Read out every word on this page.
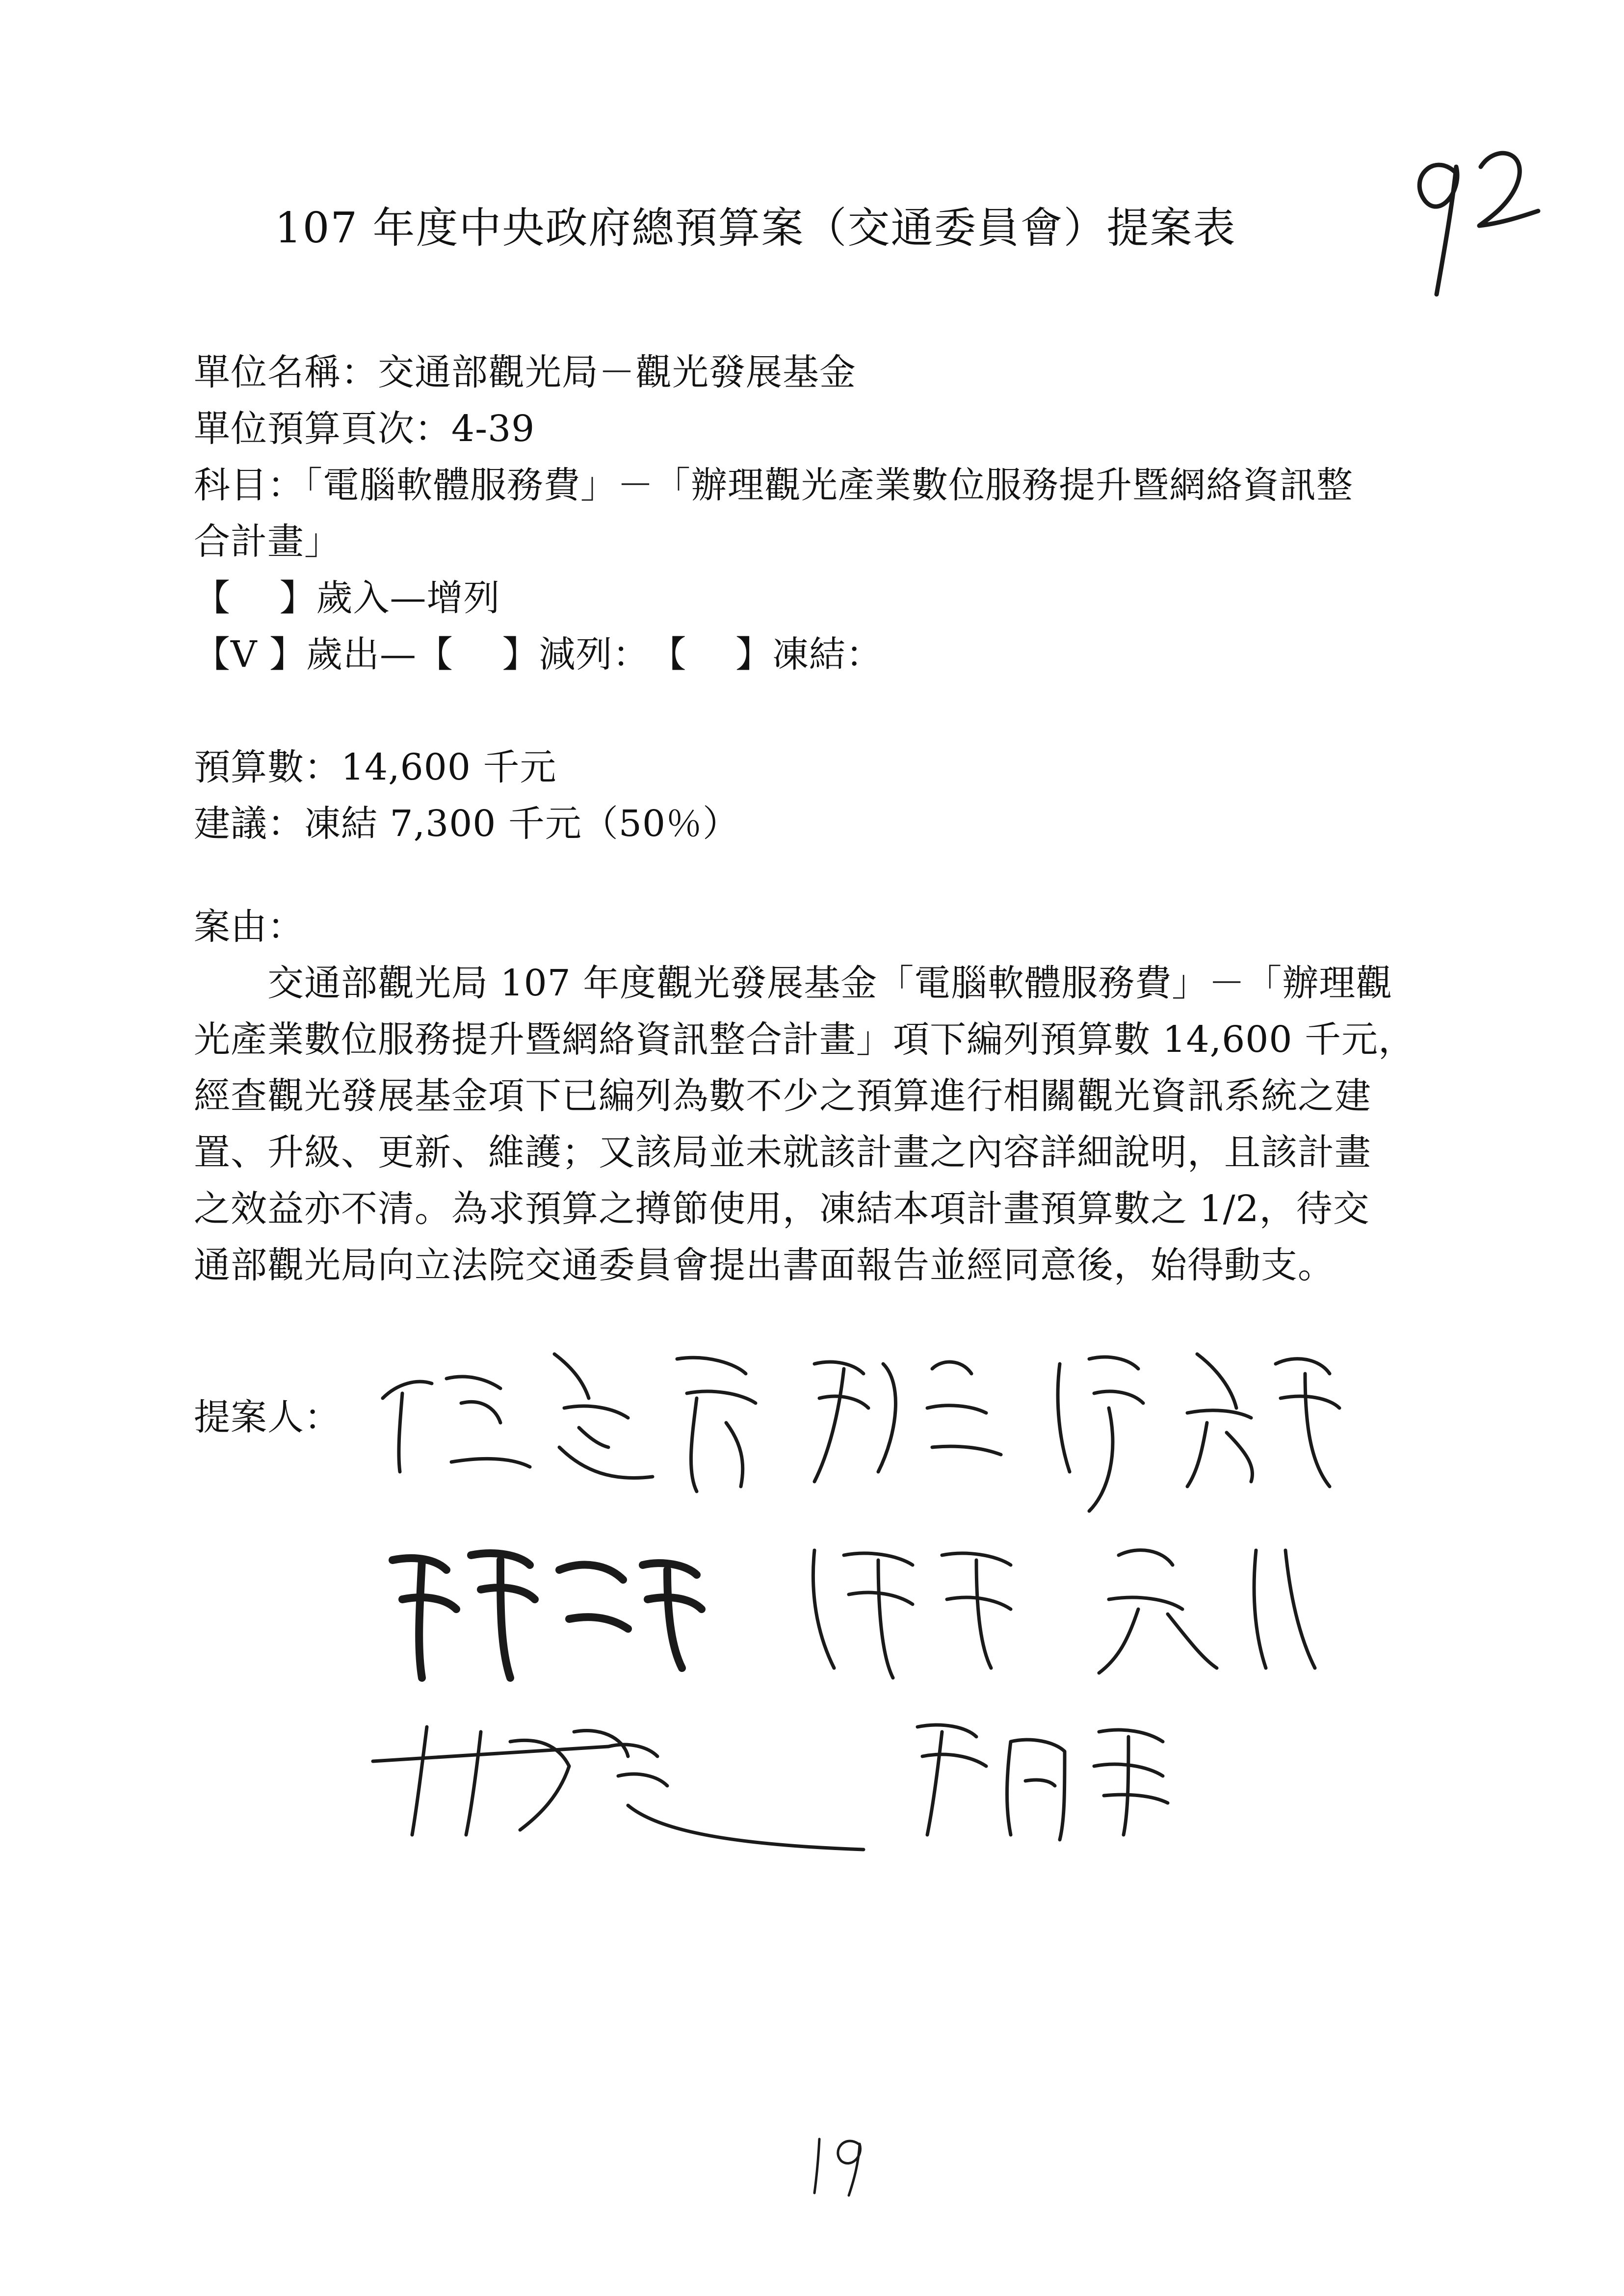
107 年度中央政府總預算案（交通委員會）提案表
單位名稱：交通部觀光局－觀光發展基金
單位預算頁次：4-39
科目：「電腦軟體服務費」－「辦理觀光產業數位服務提升暨網絡資訊整
合計畫」
【　 】歲入—增列
【V 】歲出—【　 】減列：　【　 】凍結：
預算數：14,600 千元
建議：凍結 7,300 千元（50％）
案由：
　　交通部觀光局 107 年度觀光發展基金「電腦軟體服務費」－「辦理觀
光產業數位服務提升暨網絡資訊整合計畫」項下編列預算數 14,600 千元，
經查觀光發展基金項下已編列為數不少之預算進行相關觀光資訊系統之建
置、升級、更新、維護；又該局並未就該計畫之內容詳細說明，且該計畫
之效益亦不清。為求預算之撙節使用，凍結本項計畫預算數之 1/2，待交
通部觀光局向立法院交通委員會提出書面報告並經同意後，始得動支。
提案人：
